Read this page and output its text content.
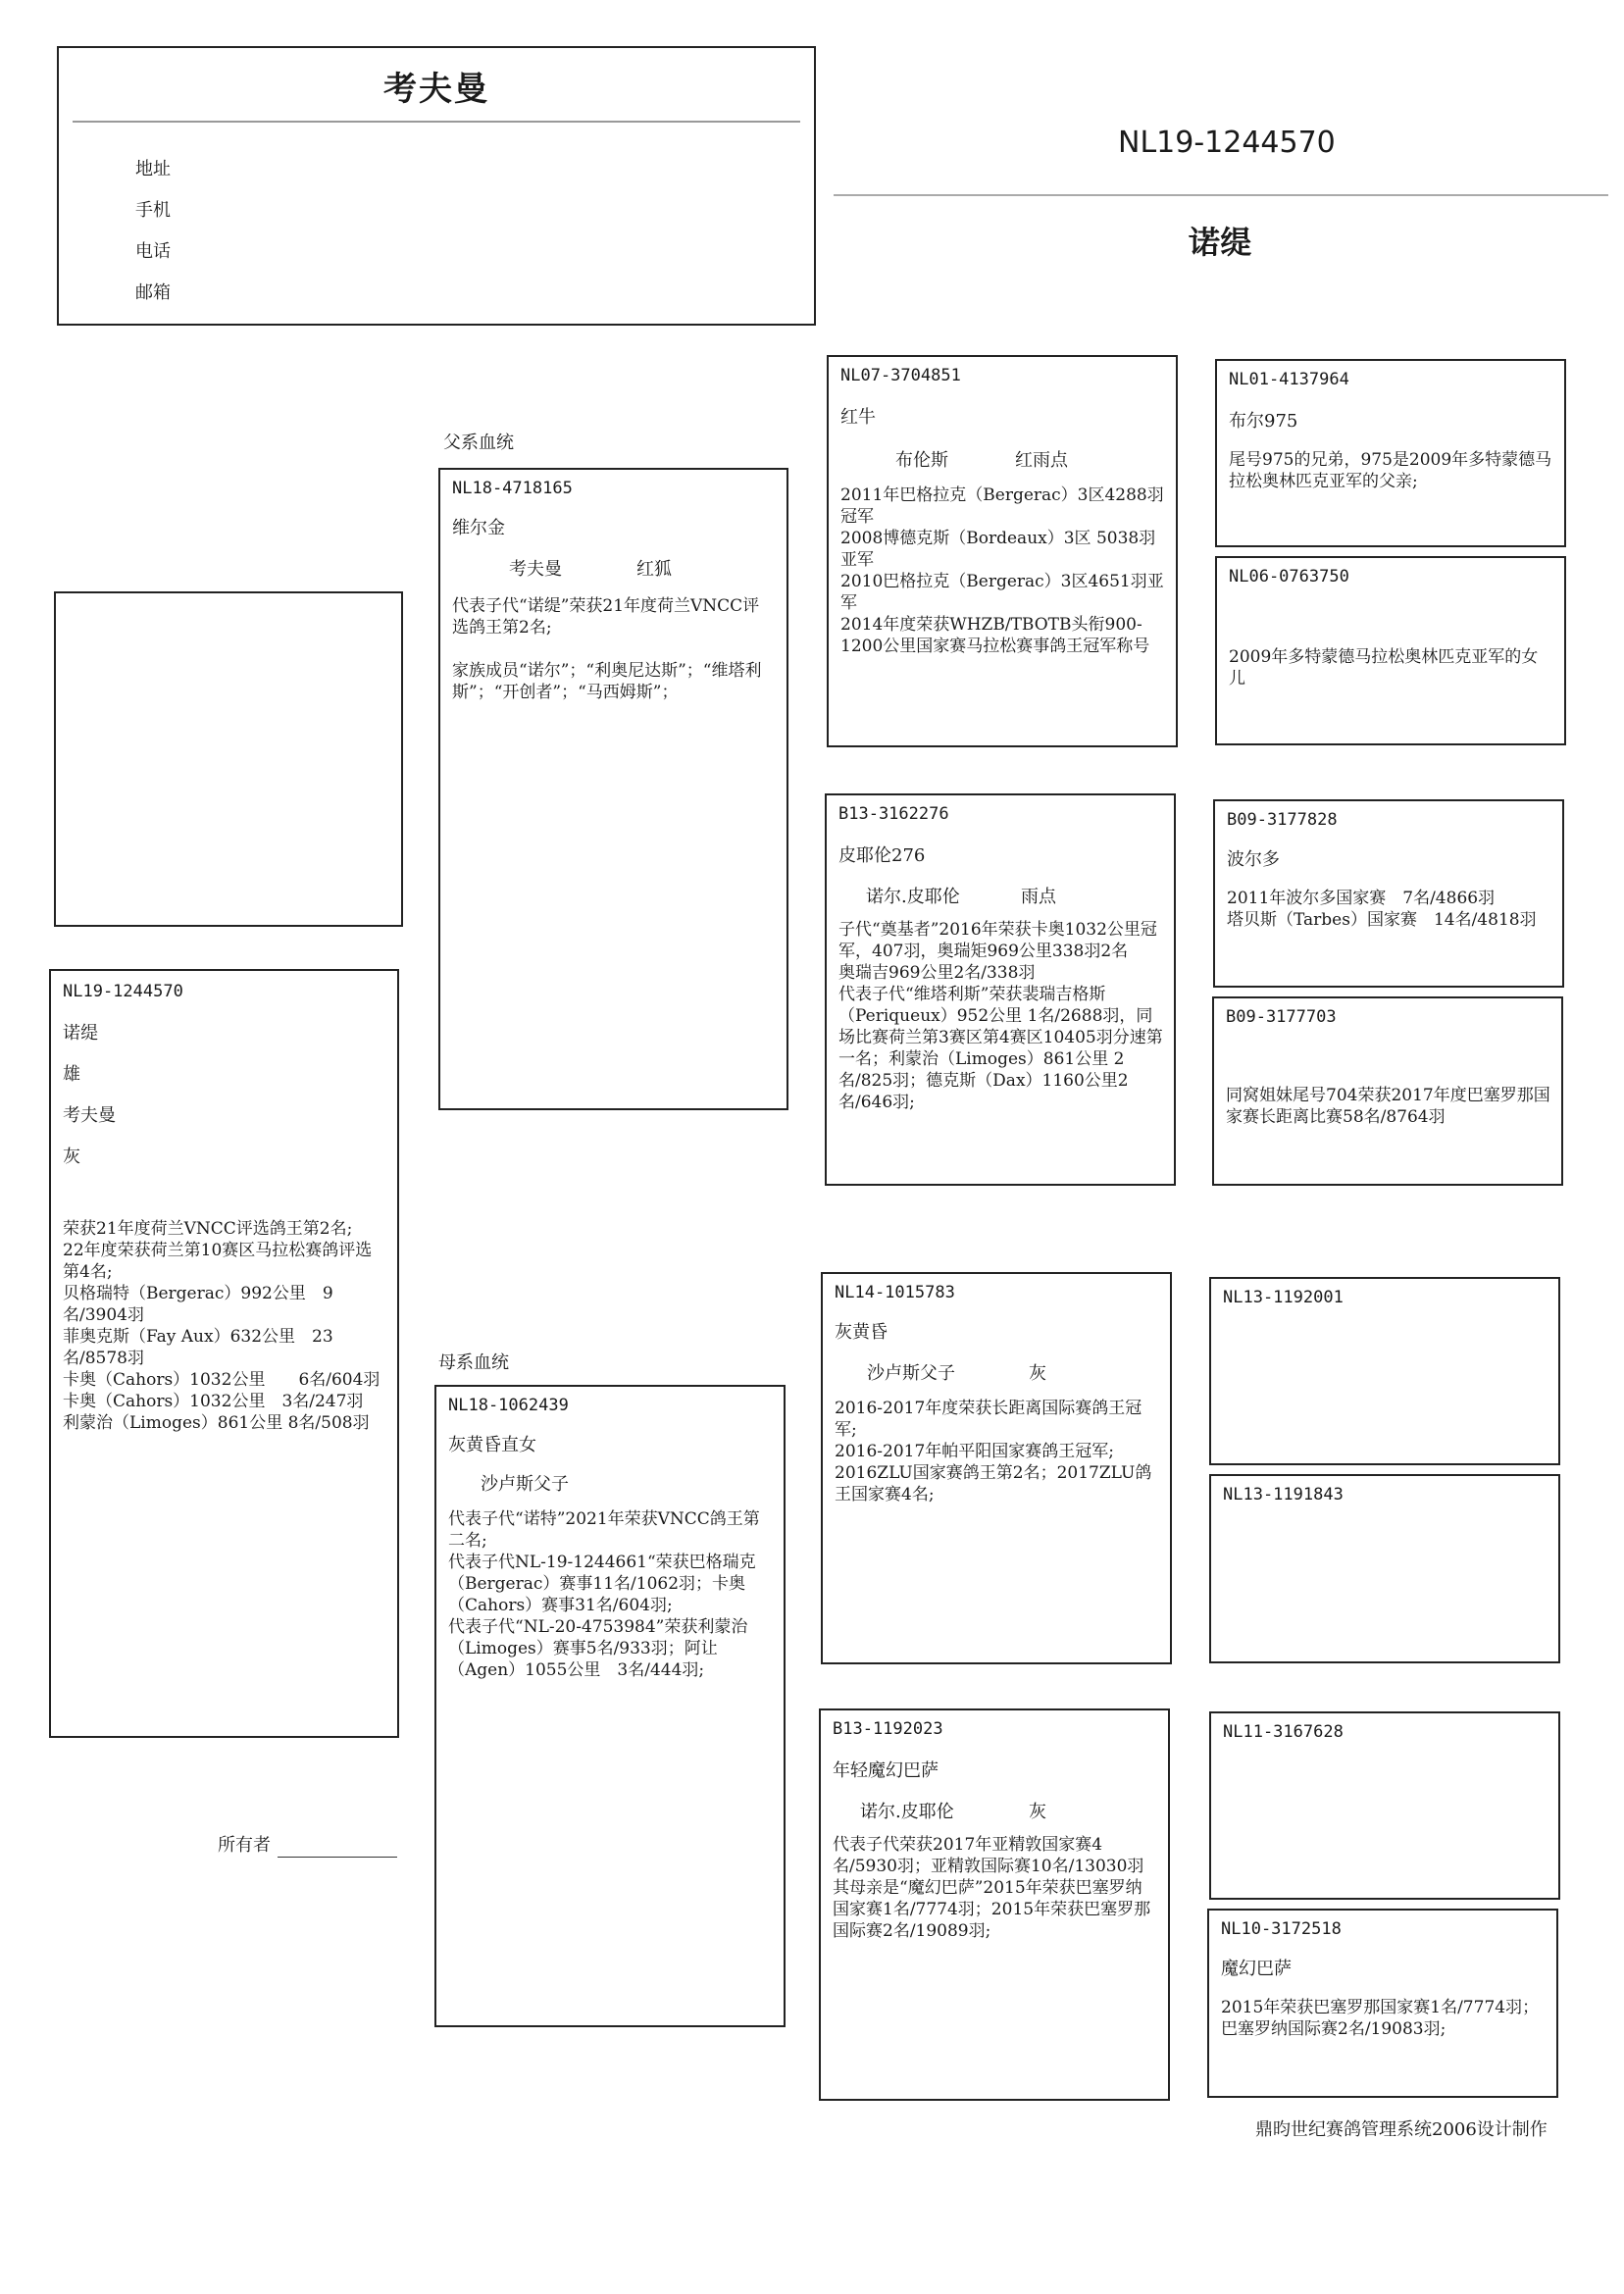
考夫曼
地址
手机
电话
邮箱
NL19-1244570
诺缇
父系血统
母系血统
NL19-1244570
诺缇
雄
考夫曼
灰
荣获21年度荷兰VNCC评选鸽王第2名;
22年度荣获荷兰第10赛区马拉松赛鸽评选第4名;
贝格瑞特（Bergerac）992公里　9名/3904羽
菲奥克斯（Fay Aux）632公里　23名/8578羽
卡奥（Cahors）1032公里　　6名/604羽
卡奥（Cahors）1032公里　3名/247羽
利蒙治（Limoges）861公里 8名/508羽
NL18-4718165
维尔金
考夫曼	红狐
代表子代“诺缇”荣获21年度荷兰VNCC评选鸽王第2名;

家族成员“诺尔”；“利奥尼达斯”；“维塔利斯”；“开创者”；“马西姆斯”；
NL18-1062439
灰黄昏直女
沙卢斯父子
代表子代“诺特”2021年荣获VNCC鸽王第二名;
代表子代NL-19-1244661“荣获巴格瑞克（Bergerac）赛事11名/1062羽；卡奥（Cahors）赛事31名/604羽;
代表子代“NL-20-4753984”荣获利蒙治（Limoges）赛事5名/933羽；阿让（Agen）1055公里　3名/444羽;
NL07-3704851
红牛
布伦斯	红雨点
2011年巴格拉克（Bergerac）3区4288羽冠军
2008博德克斯（Bordeaux）3区 5038羽 亚军
2010巴格拉克（Bergerac）3区4651羽亚军
2014年度荣获WHZB/TBOTB头衔900-1200公里国家赛马拉松赛事鸽王冠军称号
B13-3162276
皮耶伦276
诺尔.皮耶伦	雨点
子代“奠基者”2016年荣获卡奥1032公里冠军，407羽，奥瑞矩969公里338羽2名
奥瑞吉969公里2名/338羽
代表子代“维塔利斯”荣获裴瑞吉格斯（Periqueux）952公里 1名/2688羽，同场比赛荷兰第3赛区第4赛区10405羽分速第一名；利蒙治（Limoges）861公里 2名/825羽；德克斯（Dax）1160公里2名/646羽;
NL14-1015783
灰黄昏
沙卢斯父子	灰
2016-2017年度荣获长距离国际赛鸽王冠军;
2016-2017年帕平阳国家赛鸽王冠军;
2016ZLU国家赛鸽王第2名；2017ZLU鸽王国家赛4名;
B13-1192023
年轻魔幻巴萨
诺尔.皮耶伦	灰
代表子代荣获2017年亚精敦国家赛4名/5930羽；亚精敦国际赛10名/13030羽
其母亲是“魔幻巴萨”2015年荣获巴塞罗纳国家赛1名/7774羽；2015年荣获巴塞罗那国际赛2名/19089羽;
NL01-4137964
布尔975
尾号975的兄弟，975是2009年多特蒙德马拉松奥林匹克亚军的父亲;
NL06-0763750
2009年多特蒙德马拉松奥林匹克亚军的女儿
B09-3177828
波尔多
2011年波尔多国家赛　7名/4866羽
塔贝斯（Tarbes）国家赛　14名/4818羽
B09-3177703
同窝姐妹尾号704荣获2017年度巴塞罗那国家赛长距离比赛58名/8764羽
NL13-1192001
NL13-1191843
NL11-3167628
NL10-3172518
魔幻巴萨
2015年荣获巴塞罗那国家赛1名/7774羽；巴塞罗纳国际赛2名/19083羽;
所有者
鼎昀世纪赛鸽管理系统2006设计制作
